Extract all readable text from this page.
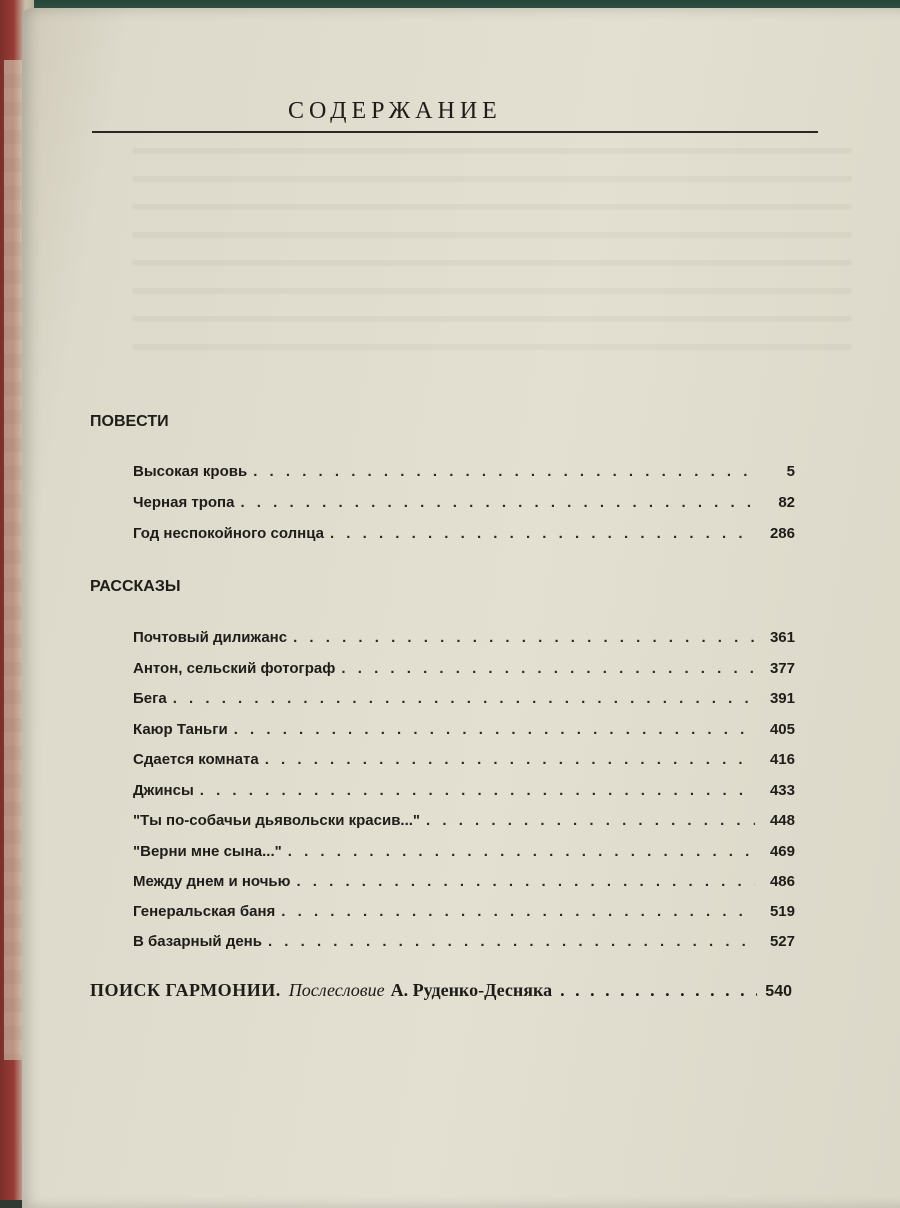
СОДЕРЖАНИЕ
ПОВЕСТИ
Высокая кровь . . .	5
Черная тропа . . .	82
Год неспокойного солнца . . .	286
РАССКАЗЫ
Почтовый дилижанс . . .	361
Антон, сельский фотограф . . .	377
Бега . . .	391
Каюр Таньги . . .	405
Сдается комната . . .	416
Джинсы . . .	433
"Ты по-собачьи дьявольски красив..." . . .	448
"Верни мне сына..." . . .	469
Между днем и ночью . . .	486
Генеральская баня . . .	519
В базарный день . . .	527
ПОИСК ГАРМОНИИ. Послесловие А. Руденко-Десняка . . .	540
